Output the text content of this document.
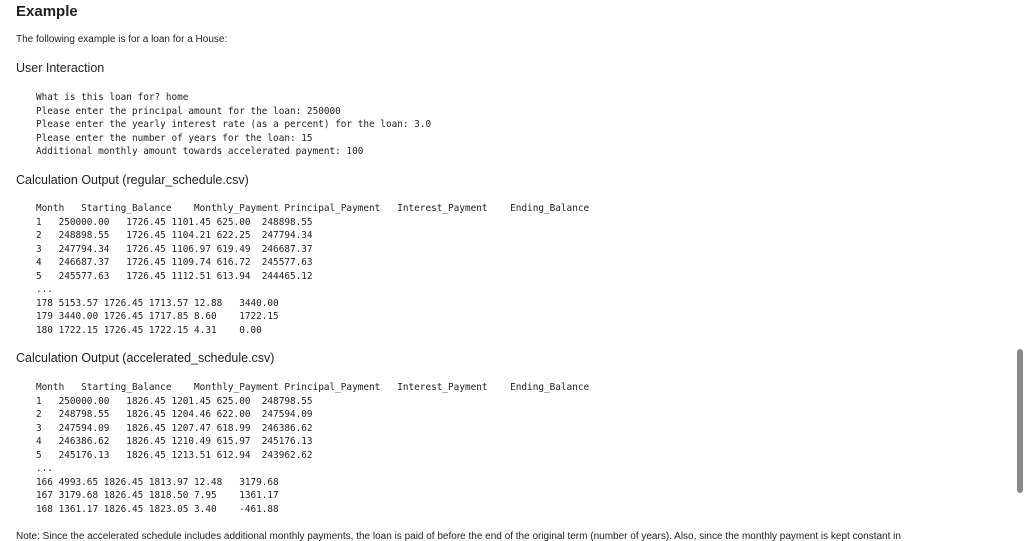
Example

The following example is for a loan for a House:

User Interaction
What is this loan for? home
Please enter the principal amount for the loan: 250000
Please enter the yearly interest rate (as a percent) for the loan: 3.0
Please enter the number of years for the loan: 15
Additional monthly amount towards accelerated payment: 100
Calculation Output (regular_schedule.csv)
Month   Starting_Balance    Monthly_Payment Principal_Payment   Interest_Payment    Ending_Balance
1   250000.00   1726.45 1101.45 625.00  248898.55
2   248898.55   1726.45 1104.21 622.25  247794.34
3   247794.34   1726.45 1106.97 619.49  246687.37
4   246687.37   1726.45 1109.74 616.72  245577.63
5   245577.63   1726.45 1112.51 613.94  244465.12
...
178 5153.57 1726.45 1713.57 12.88   3440.00
179 3440.00 1726.45 1717.85 8.60    1722.15
180 1722.15 1726.45 1722.15 4.31    0.00
Calculation Output (accelerated_schedule.csv)
Month   Starting_Balance    Monthly_Payment Principal_Payment   Interest_Payment    Ending_Balance
1   250000.00   1826.45 1201.45 625.00  248798.55
2   248798.55   1826.45 1204.46 622.00  247594.09
3   247594.09   1826.45 1207.47 618.99  246386.62
4   246386.62   1826.45 1210.49 615.97  245176.13
5   245176.13   1826.45 1213.51 612.94  243962.62
...
166 4993.65 1826.45 1813.97 12.48   3179.68
167 3179.68 1826.45 1818.50 7.95    1361.17
168 1361.17 1826.45 1823.05 3.40    -461.88

Note: Since the accelerated schedule includes additional monthly payments, the loan is paid of before the end of the original term (number of years). Also, since the monthly payment is kept constant in
